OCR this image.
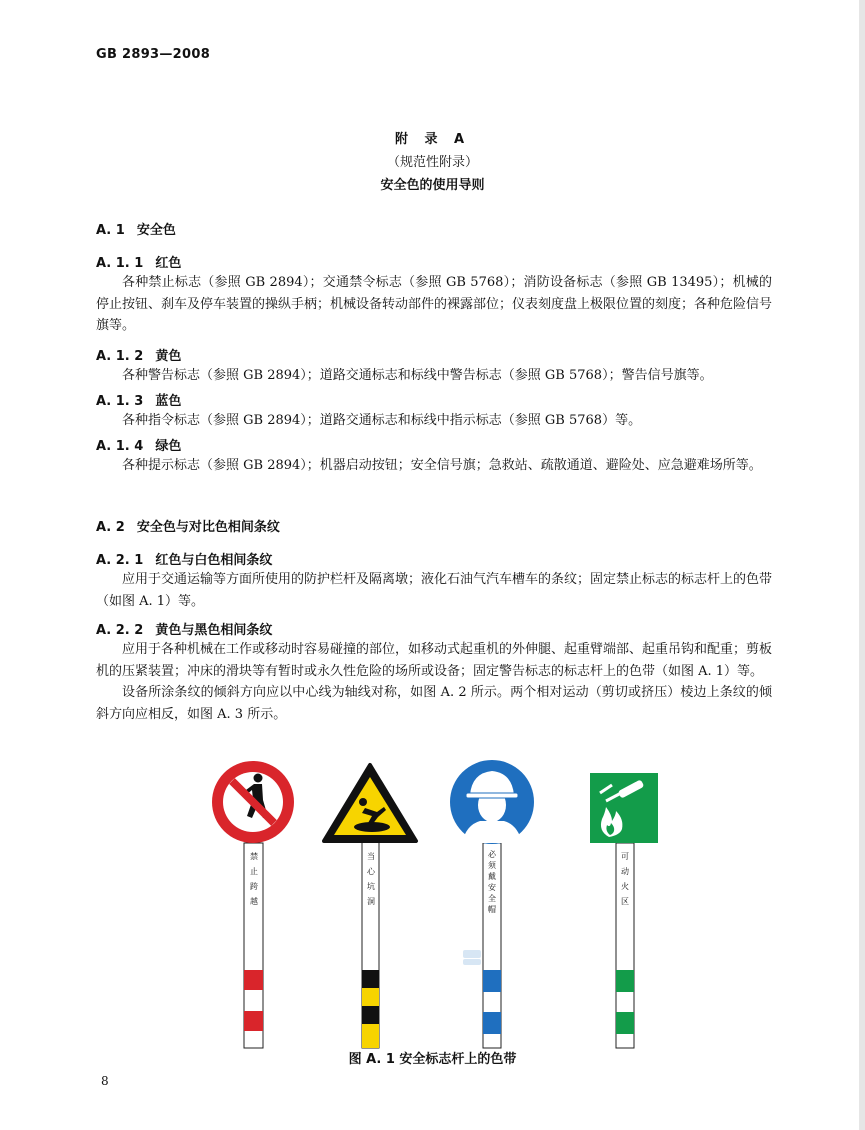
GB 2893—2008
附 录 A
（规范性附录）
安全色的使用导则
A. 1 安全色
A. 1. 1 红色

各种禁止标志（参照 GB 2894）；交通禁令标志（参照 GB 5768）；消防设备标志（参照 GB 13495）；机械的停止按钮、刹车及停车装置的操纵手柄；机械设备转动部件的裸露部位；仪表刻度盘上极限位置的刻度；各种危险信号旗等。

A. 1. 2 黄色

各种警告标志（参照 GB 2894）；道路交通标志和标线中警告标志（参照 GB 5768）；警告信号旗等。

A. 1. 3 蓝色

各种指令标志（参照 GB 2894）；道路交通标志和标线中指示标志（参照 GB 5768）等。

A. 1. 4 绿色

各种提示标志（参照 GB 2894）；机器启动按钮；安全信号旗；急救站、疏散通道、避险处、应急避难场所等。

A. 2 安全色与对比色相间条纹
A. 2. 1 红色与白色相间条纹

应用于交通运输等方面所使用的防护栏杆及隔离墩；液化石油气汽车槽车的条纹；固定禁止标志的标志杆上的色带（如图 A. 1）等。

A. 2. 2 黄色与黑色相间条纹

应用于各种机械在工作或移动时容易碰撞的部位，如移动式起重机的外伸腿、起重臂端部、起重吊钩和配重；剪板机的压紧装置；冲床的滑块等有暂时或永久性危险的场所或设备；固定警告标志的标志杆上的色带（如图 A. 1）等。

设备所涂条纹的倾斜方向应以中心线为轴线对称，如图 A. 2 所示。两个相对运动（剪切或挤压）棱边上条纹的倾斜方向应相反，如图 A. 3 所示。

禁止跨越
当心坑洞
必须戴安全帽
可动火区
图 A. 1 安全标志杆上的色带
8
